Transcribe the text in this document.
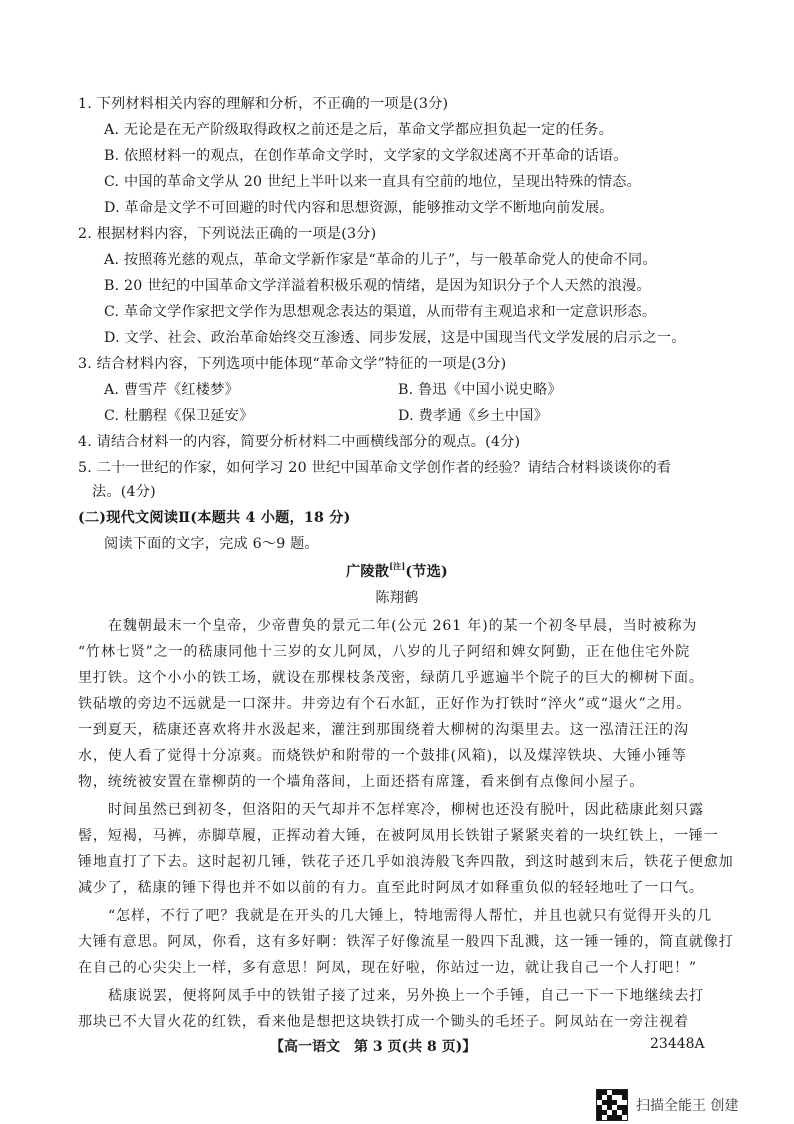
1. 下列材料相关内容的理解和分析，不正确的一项是(3分)
A. 无论是在无产阶级取得政权之前还是之后，革命文学都应担负起一定的任务。
B. 依照材料一的观点，在创作革命文学时，文学家的文学叙述离不开革命的话语。
C. 中国的革命文学从 20 世纪上半叶以来一直具有空前的地位，呈现出特殊的情态。
D. 革命是文学不可回避的时代内容和思想资源，能够推动文学不断地向前发展。
2. 根据材料内容，下列说法正确的一项是(3分)
A. 按照蒋光慈的观点，革命文学新作家是“革命的儿子”，与一般革命党人的使命不同。
B. 20 世纪的中国革命文学洋溢着积极乐观的情绪，是因为知识分子个人天然的浪漫。
C. 革命文学作家把文学作为思想观念表达的渠道，从而带有主观追求和一定意识形态。
D. 文学、社会、政治革命始终交互渗透、同步发展，这是中国现当代文学发展的启示之一。
3. 结合材料内容，下列选项中能体现“革命文学”特征的一项是(3分)
A. 曹雪芹《红楼梦》	B. 鲁迅《中国小说史略》
C. 杜鹏程《保卫延安》	D. 费孝通《乡土中国》
4. 请结合材料一的内容，简要分析材料二中画横线部分的观点。(4分)
5. 二十一世纪的作家，如何学习 20 世纪中国革命文学创作者的经验？请结合材料谈谈你的看
法。(4分)
(二)现代文阅读Ⅱ(本题共 4 小题，18 分)
阅读下面的文字，完成 6～9 题。
广陵散[注](节选)
陈翔鹤
在魏朝最末一个皇帝，少帝曹奂的景元二年(公元 261 年)的某一个初冬早晨，当时被称为
“竹林七贤”之一的嵇康同他十三岁的女儿阿凤，八岁的儿子阿绍和婢女阿勤，正在他住宅外院
里打铁。这个小小的铁工场，就设在那棵枝条茂密，绿荫几乎遮遍半个院子的巨大的柳树下面。
铁砧墩的旁边不远就是一口深井。井旁边有个石水缸，正好作为打铁时“淬火”或“退火”之用。
一到夏天，嵇康还喜欢将井水汲起来，灌注到那围绕着大柳树的沟渠里去。这一泓清汪汪的沟
水，使人看了觉得十分凉爽。而烧铁炉和附带的一个鼓排(风箱)，以及煤滓铁块、大锤小锤等
物，统统被安置在靠柳荫的一个墙角落间，上面还搭有席篷，看来倒有点像间小屋子。
时间虽然已到初冬，但洛阳的天气却并不怎样寒冷，柳树也还没有脱叶，因此嵇康此刻只露
髻，短褐，马裤，赤脚草履，正挥动着大锤，在被阿凤用长铁钳子紧紧夹着的一块红铁上，一锤一
锤地直打了下去。这时起初几锤，铁花子还几乎如浪涛般飞奔四散，到这时越到末后，铁花子便愈加
减少了，嵇康的锤下得也并不如以前的有力。直至此时阿凤才如释重负似的轻轻地吐了一口气。
“怎样，不行了吧？我就是在开头的几大锤上，特地需得人帮忙，并且也就只有觉得开头的几
大锤有意思。阿凤，你看，这有多好啊：铁浑子好像流星一般四下乱溅，这一锤一锤的，简直就像打
在自己的心尖尖上一样，多有意思！阿凤，现在好啦，你站过一边，就让我自己一个人打吧！”
嵇康说罢，便将阿凤手中的铁钳子接了过来，另外换上一个手锤，自己一下一下地继续去打
那块已不大冒火花的红铁，看来他是想把这块铁打成一个锄头的毛坯子。阿凤站在一旁注视着
【高一语文　第 3 页(共 8 页)】	23448A
扫描全能王 创建
